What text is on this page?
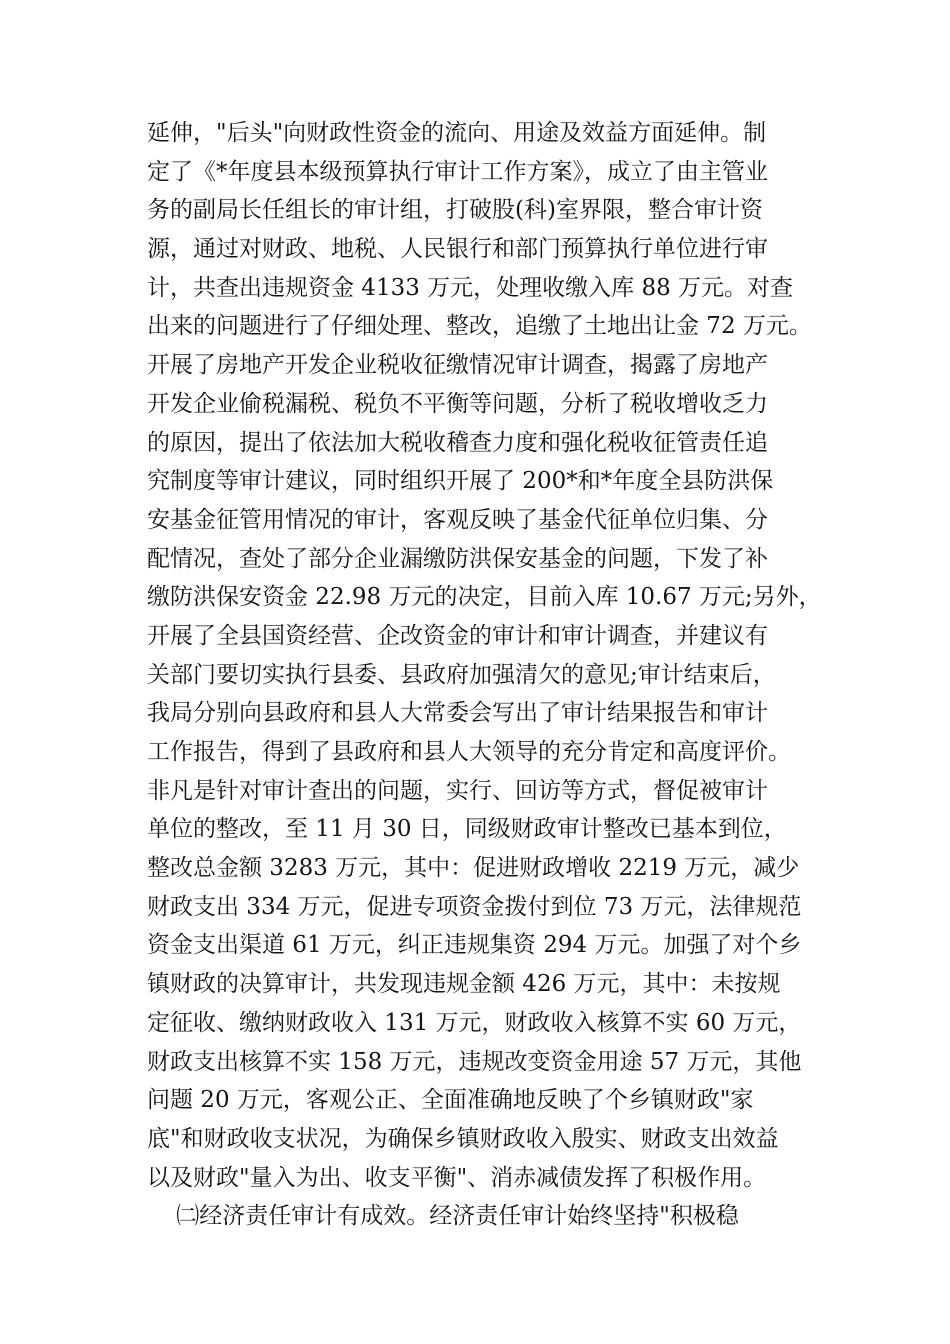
延伸，"后头"向财政性资金的流向、用途及效益方面延伸。制
定了《*年度县本级预算执行审计工作方案》，成立了由主管业
务的副局长任组长的审计组，打破股(科)室界限，整合审计资
源，通过对财政、地税、人民银行和部门预算执行单位进行审
计，共查出违规资金 4133 万元，处理收缴入库 88 万元。对查
出来的问题进行了仔细处理、整改，追缴了土地出让金 72 万元。
开展了房地产开发企业税收征缴情况审计调查，揭露了房地产
开发企业偷税漏税、税负不平衡等问题，分析了税收增收乏力
的原因，提出了依法加大税收稽查力度和强化税收征管责任追
究制度等审计建议，同时组织开展了 200*和*年度全县防洪保
安基金征管用情况的审计，客观反映了基金代征单位归集、分
配情况，查处了部分企业漏缴防洪保安基金的问题，下发了补
缴防洪保安资金 22.98 万元的决定，目前入库 10.67 万元;另外，
开展了全县国资经营、企改资金的审计和审计调查，并建议有
关部门要切实执行县委、县政府加强清欠的意见;审计结束后，
我局分别向县政府和县人大常委会写出了审计结果报告和审计
工作报告，得到了县政府和县人大领导的充分肯定和高度评价。
非凡是针对审计查出的问题，实行、回访等方式，督促被审计
单位的整改，至 11 月 30 日，同级财政审计整改已基本到位，
整改总金额 3283 万元，其中：促进财政增收 2219 万元，减少
财政支出 334 万元，促进专项资金拨付到位 73 万元，法律规范
资金支出渠道 61 万元，纠正违规集资 294 万元。加强了对个乡
镇财政的决算审计，共发现违规金额 426 万元，其中：未按规
定征收、缴纳财政收入 131 万元，财政收入核算不实 60 万元，
财政支出核算不实 158 万元，违规改变资金用途 57 万元，其他
问题 20 万元，客观公正、全面准确地反映了个乡镇财政"家
底"和财政收支状况，为确保乡镇财政收入殷实、财政支出效益
以及财政"量入为出、收支平衡"、消赤减债发挥了积极作用。
㈡经济责任审计有成效。经济责任审计始终坚持"积极稳
